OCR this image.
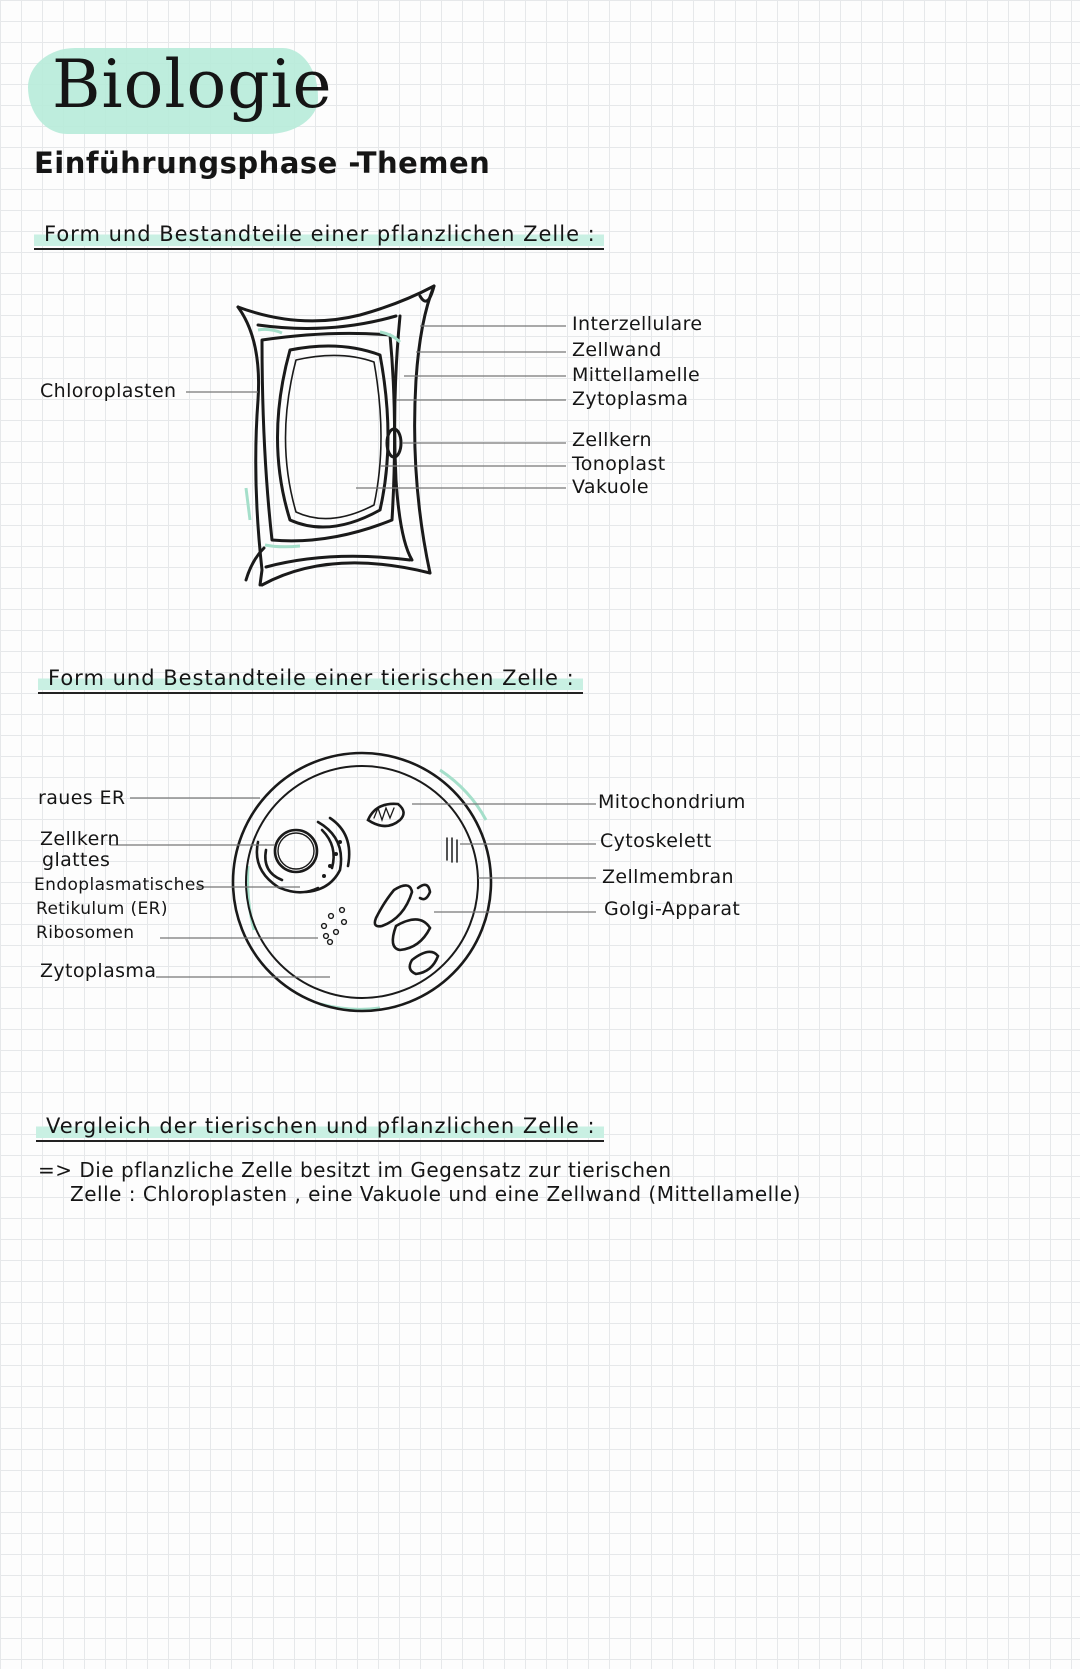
Biologie
Einführungsphase -Themen
Form und Bestandteile einer pflanzlichen Zelle :
Chloroplasten
Interzellulare
Zellwand
Mittellamelle
Zytoplasma
Zellkern
Tonoplast
Vakuole
Form und Bestandteile einer tierischen Zelle :
raues ER
Zellkern
glattes
Endoplasmatisches
Retikulum (ER)
Ribosomen
Zytoplasma
Mitochondrium
Cytoskelett
Zellmembran
Golgi-Apparat
Vergleich der tierischen und pflanzlichen Zelle :

=> Die pflanzliche Zelle besitzt im Gegensatz zur tierischen
Zelle : Chloroplasten , eine Vakuole und eine Zellwand (Mittellamelle)
